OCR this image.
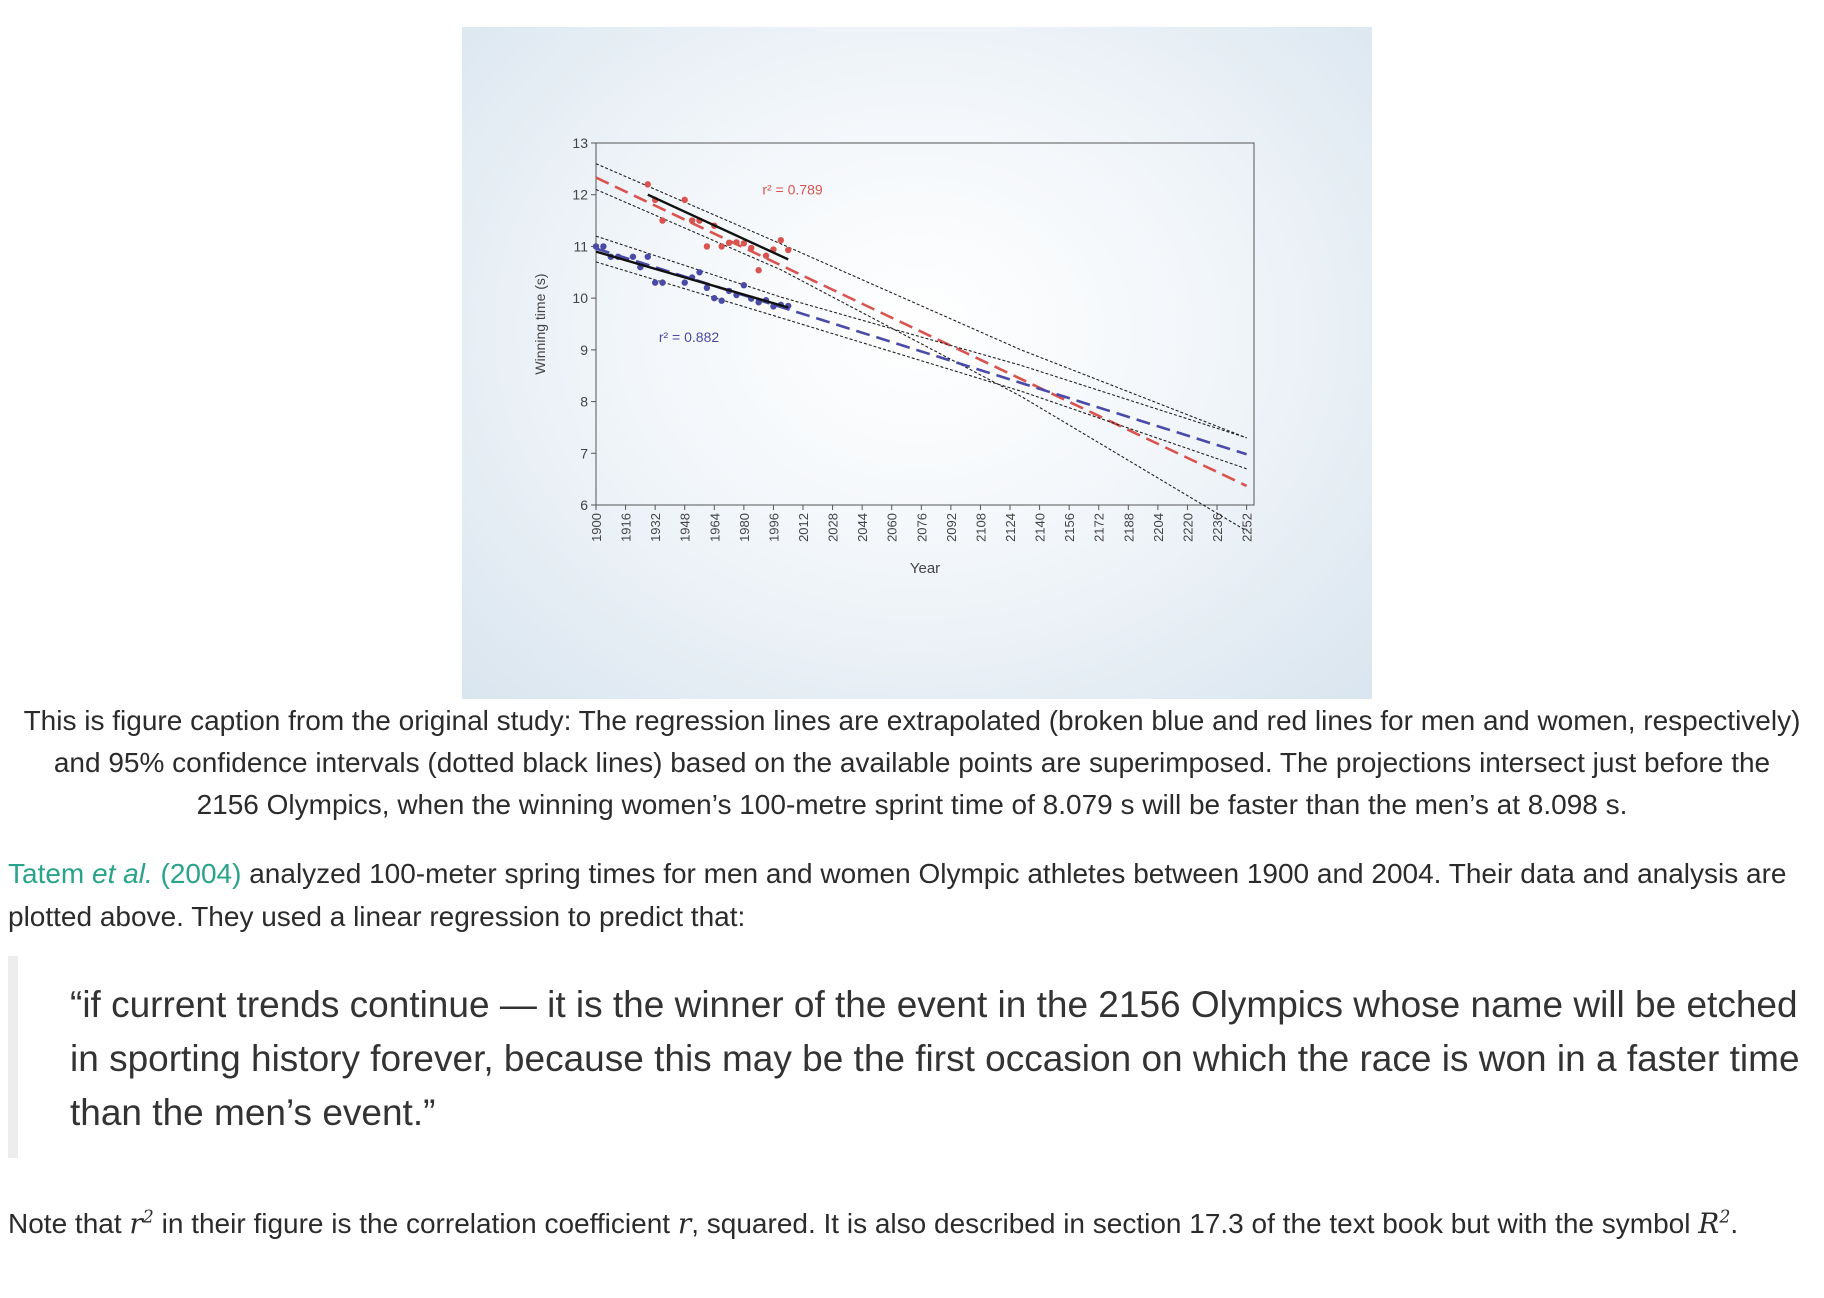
6
7
8
9
10
11
12
13
1900 1916 1932 1948 1964 1980 1996 2012 2028 2044 2060 2076 2092 2108 2124 2140 2156 2172 2188 2204 2220 2236 2252
Winning time (s)
Year
r² = 0.789
r² = 0.882
This is figure caption from the original study: The regression lines are extrapolated (broken blue and red lines for men and women, respectively) and 95% confidence intervals (dotted black lines) based on the available points are superimposed. The projections intersect just before the 2156 Olympics, when the winning women’s 100-metre sprint time of 8.079 s will be faster than the men’s at 8.098 s.
Tatem et al. (2004) analyzed 100-meter spring times for men and women Olympic athletes between 1900 and 2004. Their data and analysis are plotted above. They used a linear regression to predict that:

“if current trends continue — it is the winner of the event in the 2156 Olympics whose name will be etched in sporting history forever, because this may be the first occasion on which the race is won in a faster time than the men’s event.”

Note that $r^2$ in their figure is the correlation coefficient r, squared. It is also described in section 17.3 of the text book but with the symbol $R^2$.
